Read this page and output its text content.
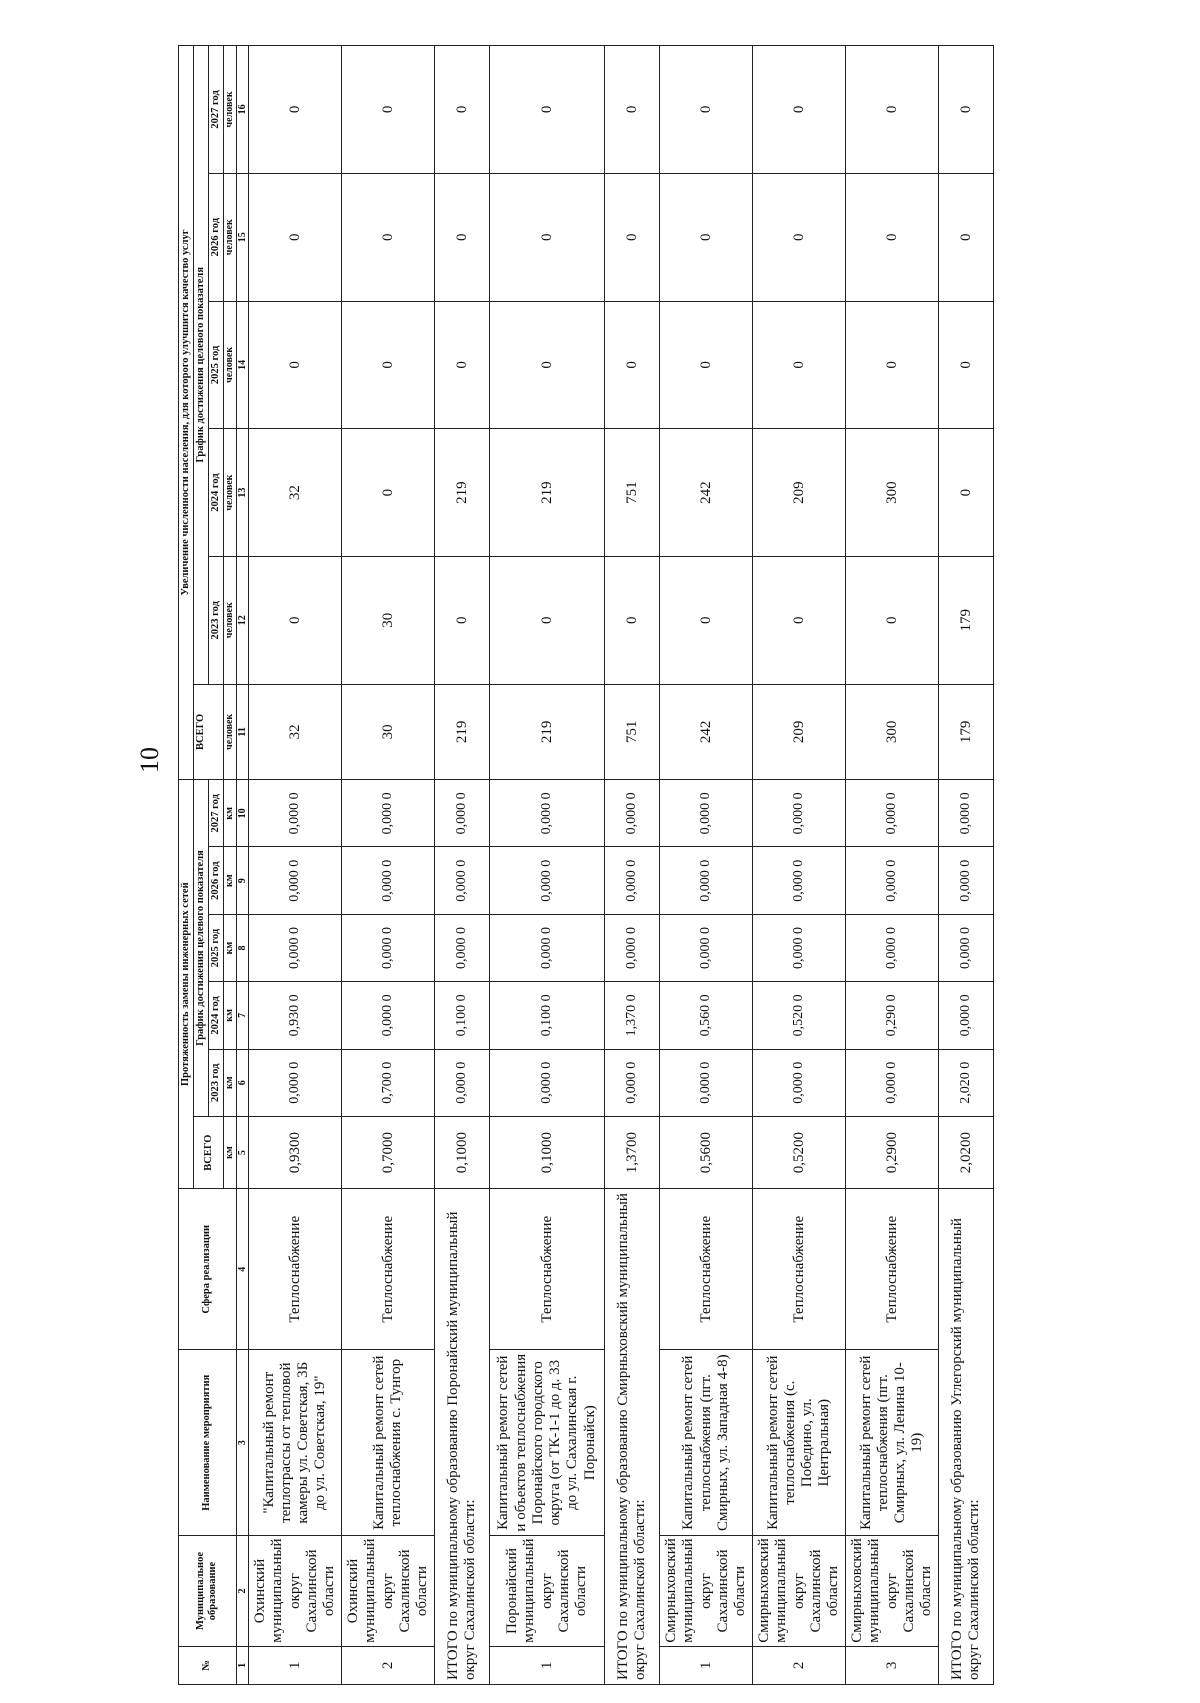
10
№	Муниципальное образование	Наименование мероприятия	Сфера реализации	Протяженность замены инженерных сетей						Увеличение численности населения, для которого улучшится качество услуг					
				ВСЕГО	График достижения целевого показателя					ВСЕГО	График достижения целевого показателя				
					2023 год	2024 год	2025 год	2026 год	2027 год		2023 год	2024 год	2025 год	2026 год	2027 год
				км	км	км	км	км	км	человек	человек	человек	человек	человек	человек
1	2	3	4	5	6	7	8	9	10	11	12	13	14	15	16
1	Охинский муниципальный округ Сахалинской области	"Капитальный ремонт теплотрассы от тепловой камеры ул. Советская, 3Б до ул. Советская, 19"	Теплоснабжение	0,9300	0,000 0	0,930 0	0,000 0	0,000 0	0,000 0	32	0	32	0	0	0
2	Охинский муниципальный округ Сахалинской области	Капитальный ремонт сетей теплоснабжения с. Тунгор	Теплоснабжение	0,7000	0,700 0	0,000 0	0,000 0	0,000 0	0,000 0	30	30	0	0	0	0
ИТОГО по муниципальному образованию Поронайский муниципальный округ Сахалинской области:				0,1000	0,000 0	0,100 0	0,000 0	0,000 0	0,000 0	219	0	219	0	0	0
1	Поронайский муниципальный округ Сахалинской области	Капитальный ремонт сетей и объектов теплоснабжения Поронайского городского округа (от ТК-1-1 до д. 33 до ул. Сахалинская г. Поронайск)	Теплоснабжение	0,1000	0,000 0	0,100 0	0,000 0	0,000 0	0,000 0	219	0	219	0	0	0
ИТОГО по муниципальному образованию Смирныховский муниципальный округ Сахалинской области:				1,3700	0,000 0	1,370 0	0,000 0	0,000 0	0,000 0	751	0	751	0	0	0
1	Смирныховский муниципальный округ Сахалинской области	Капитальный ремонт сетей теплоснабжения (пгт. Смирных, ул. Западная 4-8)	Теплоснабжение	0,5600	0,000 0	0,560 0	0,000 0	0,000 0	0,000 0	242	0	242	0	0	0
2	Смирныховский муниципальный округ Сахалинской области	Капитальный ремонт сетей теплоснабжения (с. Победино, ул. Центральная)	Теплоснабжение	0,5200	0,000 0	0,520 0	0,000 0	0,000 0	0,000 0	209	0	209	0	0	0
3	Смирныховский муниципальный округ Сахалинской области	Капитальный ремонт сетей теплоснабжения (пгт. Смирных, ул. Ленина 10-19)	Теплоснабжение	0,2900	0,000 0	0,290 0	0,000 0	0,000 0	0,000 0	300	0	300	0	0	0
ИТОГО по муниципальному образованию Углегорский муниципальный округ Сахалинской области:				2,0200	2,020 0	0,000 0	0,000 0	0,000 0	0,000 0	179	179	0	0	0	0
